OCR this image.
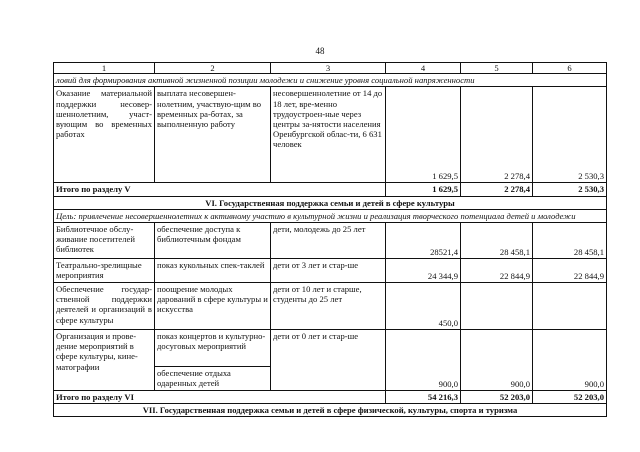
48
1	2	3	4	5	6
ловий для формирования активной жизненной позиции молодежи и снижение уровня социальной напряженности					
Оказание материальной поддержки несовер-шеннолетним, участ-вующим во временных работах	выплата несовершен-нолетним, участвую-щим во временных ра-ботах, за выполненную работу	несовершеннолетние от 14 до 18 лет, вре-менно трудоустроен-ные через центры за-нятости населения Оренбургской облас-ти, 6 631 человек	1 629,5	2 278,4	2 530,3
Итого по разделу V			1 629,5	2 278,4	2 530,3
VI. Государственная поддержка семьи и детей в сфере культуры					
Цель: привлечение несовершеннолетних к активному участию в культурной жизни и реализация творческого потенциала детей и молодежи					
Библиотечное обслу-живание посетителей библиотек	обеспечение доступа к библиотечным фондам	дети, молодежь до 25 лет	28521,4	28 458,1	28 458,1
Театрально-зрелищные мероприятия	показ кукольных спек-таклей	дети от 3 лет и стар-ше	24 344,9	22 844,9	22 844,9
Обеспечение государ-ственной поддержки деятелей и организаций в сфере культуры	поощрение молодых дарований в сфере культуры и искусства	дети от 10 лет и старше, студенты до 25 лет	450,0		
Организация и прове-дение мероприятий в сфере культуры, кине-матографии	показ концертов и культурно-досуговых мероприятий	дети от 0 лет и стар-ше	900,0	900,0	900,0
	обеспечение отдыха одаренных детей				
Итого по разделу VI			54 216,3	52 203,0	52 203,0
VII. Государственная поддержка семьи и детей в сфере физической, культуры, спорта и туризма					
